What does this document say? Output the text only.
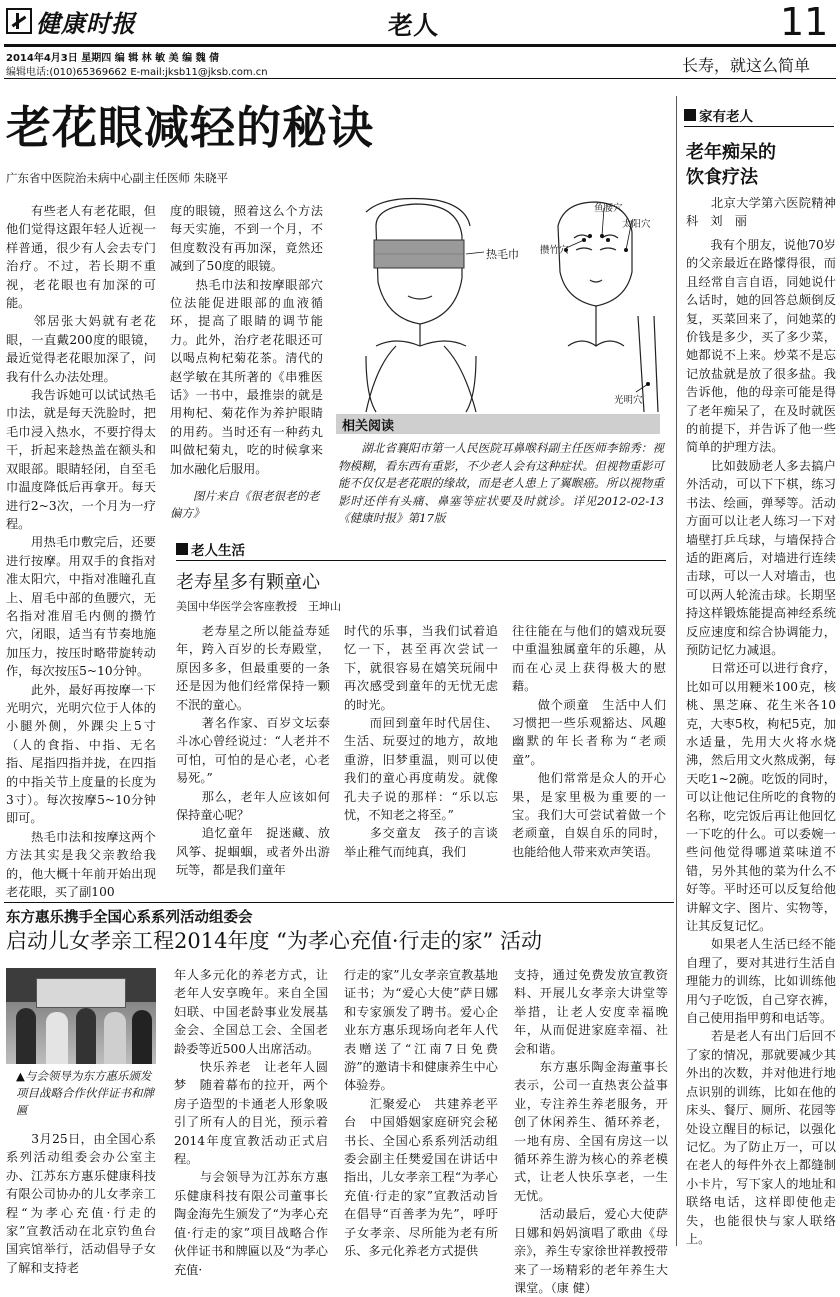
健康时报	老人	11
2014年4月3日 星期四 编 辑 林 敏 美 编 魏 倩
编辑电话:(010)65369662 E-mail:jksb11@jksb.com.cn	长寿，就这么简单
老花眼减轻的秘诀
广东省中医院治未病中心副主任医师 朱晓平
　　有些老人有老花眼，但他们觉得这跟年轻人近视一样普通，很少有人会去专门治疗。不过，若长期不重视，老花眼也有加深的可能。
　　邻居张大妈就有老花眼，一直戴200度的眼镜，最近觉得老花眼加深了，问我有什么办法处理。
　　我告诉她可以试试热毛巾法，就是每天洗脸时，把毛巾浸入热水，不要拧得太干，折起来趁热盖在额头和双眼部。眼睛轻闭，自至毛巾温度降低后再拿开。每天进行2~3次，一个月为一疗程。
　　用热毛巾敷完后，还要进行按摩。用双手的食指对准太阳穴，中指对准瞳孔直上、眉毛中部的鱼腰穴，无名指对准眉毛内侧的攒竹穴，闭眼，适当有节奏地施加压力，按压时略带旋转动作，每次按压5~10分钟。
　　此外，最好再按摩一下光明穴，光明穴位于人体的小腿外侧，外踝尖上5寸（人的食指、中指、无名指、尾指四指并拢，在四指的中指关节上度量的长度为3寸）。每次按摩5~10分钟即可。
　　热毛巾法和按摩这两个方法其实是我父亲教给我的，他大概十年前开始出现老花眼，买了副100
度的眼镜，照着这么个方法每天实施，不到一个月，不但度数没有再加深，竟然还减到了50度的眼镜。
　　热毛巾法和按摩眼部穴位法能促进眼部的血液循环，提高了眼睛的调节能力。此外，治疗老花眼还可以喝点枸杞菊花茶。清代的赵学敏在其所著的《串雅医话》一书中，最推崇的就是用枸杞、菊花作为养护眼睛的用药。当时还有一种药丸叫做杞菊丸，吃的时候拿来加水融化后服用。
　　图片来自《很老很老的老偏方》
鱼腰穴
太阳穴
热毛巾 攒竹穴
光明穴
相关阅读
　　湖北省襄阳市第一人民医院耳鼻喉科副主任医师李锦秀：视物模糊，看东西有重影，不少老人会有这种症状。但视物重影可能不仅仅是老花眼的缘故，而是老人患上了翼睺癌。所以视物重影时还伴有头痛、鼻塞等症状要及时就诊。详见2012-02-13《健康时报》第17版
家有老人
老年痴呆的
饮食疗法
　　北京大学第六医院精神科　刘　丽
　　我有个朋友，说他70岁的父亲最近在路懞得很，而且经常自言自语，同她说什么话时，她的回答总颇倒反复，买菜回来了，问她菜的价钱是多少，买了多少菜，她都说不上来。炒菜不是忘记放盐就是放了很多盐。我告诉他，他的母亲可能是得了老年痴呆了，在及时就医的前提下，并告诉了他一些简单的护理方法。
　　比如鼓励老人多去搞户外活动，可以下下棋，练习书法、绘画，弹琴等。活动方面可以让老人练习一下对墙壁打乒乓球，与墙保持合适的距离后，对墙进行连续击球，可以一人对墙击，也可以两人轮流击球。长期坚持这样锻炼能提高神经系统反应速度和综合协调能力，预防记忆力减退。
　　日常还可以进行食疗，比如可以用粳米100克，核桃、黑芝麻、花生米各10克，大枣5枚，枸杞5克，加水适量，先用大火将水烧沸，然后用文火熬成粥，每天吃1~2碗。吃饭的同时，可以让他记住所吃的食物的名称，吃完饭后再让他回忆一下吃的什么。可以委婉一些问他觉得哪道菜味道不错，另外其他的菜为什么不好等。平时还可以反复给他讲解文字、图片、实物等，让其反复记忆。
　　如果老人生活已经不能自理了，要对其进行生活自理能力的训练，比如训练他用勺子吃饭，自己穿衣裤，自己使用指甲剪和电话等。
　　若是老人有出门后回不了家的情况，那就要减少其外出的次数，并对他进行地点识别的训练，比如在他的床头、餐厅、厕所、花园等处设立醒目的标记，以强化记忆。为了防止万一，可以在老人的每件外衣上都缝制小卡片，写下家人的地址和联络电话，这样即使他走失，也能很快与家人联络上。
老人生活
老寿星多有颗童心
美国中华医学会客座教授　王坤山
　　老寿星之所以能益寿延年，跨入百岁的长寿殿堂，原因多多，但最重要的一条还是因为他们经常保持一颗不泯的童心。
　　著名作家、百岁文坛泰斗冰心曾经说过：“人老并不可怕，可怕的是心老，心老易死。”
　　那么，老年人应该如何保持童心呢？
　　追忆童年　捉迷藏、放风筝、捉蝈蝈，或者外出游玩等，都是我们童年
时代的乐事，当我们试着追忆一下，甚至再次尝试一下，就很容易在嬉笑玩闹中再次感受到童年的无忧无虑的时光。
　　而回到童年时代居住、生活、玩耍过的地方，故地重游，旧梦重温，则可以使我们的童心再度萌发。就像孔夫子说的那样：“乐以忘忧，不知老之将至。”
　　多交童友　孩子的言谈举止稚气而纯真，我们
往往能在与他们的嬉戏玩耍中重温独属童年的乐趣，从而在心灵上获得极大的慰藉。
　　做个顽童　生活中人们习惯把一些乐观豁达、风趣幽默的年长者称为“老顽童”。
　　他们常常是众人的开心果，是家里极为重要的一宝。我们大可尝试着做一个老顽童，自娱自乐的同时，也能给他人带来欢声笑语。
东方惠乐携手全国心系系列活动组委会
启动儿女孝亲工程2014年度 “为孝心充值·行走的家” 活动
▲与会领导为东方惠乐颁发项目战略合作伙伴证书和牌匾
　　3月25日，由全国心系系列活动组委会办公室主办、江苏东方惠乐健康科技有限公司协办的儿女孝亲工程“为孝心充值·行走的家”宣教活动在北京钓鱼台国宾馆举行，活动倡导子女了解和支持老
年人多元化的养老方式，让老年人安享晚年。来自全国妇联、中国老龄事业发展基金会、全国总工会、全国老龄委等近500人出席活动。
　　快乐养老　让老年人圆梦　随着幕布的拉开，两个房子造型的卡通老人形象吸引了所有人的目光，预示着2014年度宣教活动正式启程。
　　与会领导为江苏东方惠乐健康科技有限公司董事长陶金海先生颁发了“为孝心充值·行走的家”项目战略合作伙伴证书和牌匾以及“为孝心充值·
行走的家”儿女孝亲宣教基地证书；为“爱心大使”萨日娜和专家颁发了聘书。爱心企业东方惠乐现场向老年人代表赠送了“江南7日免费游”的邀请卡和健康养生中心体验券。
　　汇聚爱心　共建养老平台　中国婚姻家庭研究会秘书长、全国心系系列活动组委会副主任樊爱国在讲话中指出，儿女孝亲工程“为孝心充值·行走的家”宣教活动旨在倡导“百善孝为先”，呼吁子女孝亲、尽所能为老有所乐、多元化养老方式提供
支持，通过免费发放宣教资料、开展儿女孝亲大讲堂等举措，让老人安度幸福晚年，从而促进家庭幸福、社会和谐。
　　东方惠乐陶金海董事长表示，公司一直热衷公益事业，专注养生养老服务，开创了休闲养生、循环养老，一地有房、全国有房这一以循环养生游为核心的养老模式，让老人快乐享老，一生无忧。
　　活动最后，爱心大使萨日娜和妈妈演唱了歌曲《母亲》，养生专家徐世祥教授带来了一场精彩的老年养生大课堂。（康 健）
